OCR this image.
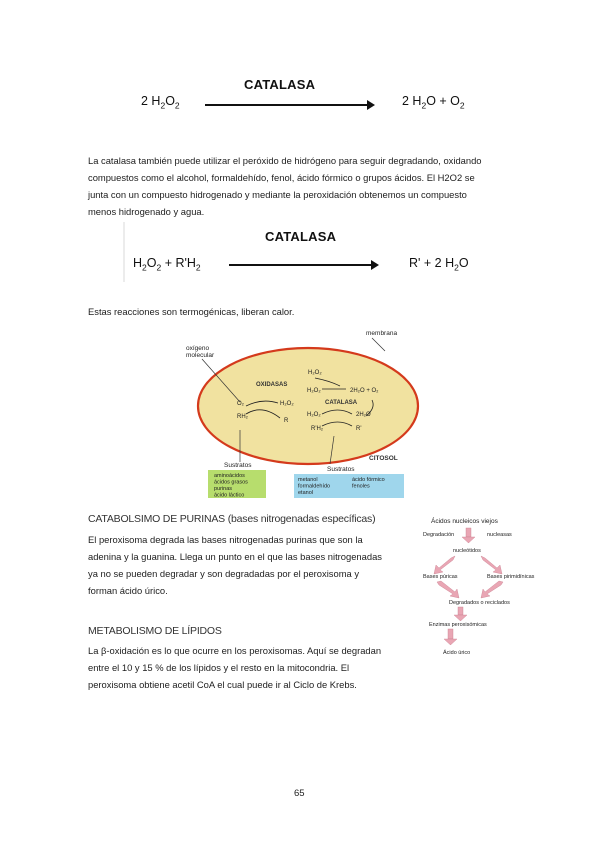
CATALASA
2 $H_2O_2$	2 $H_2O + O_2$
La catalasa también puede utilizar el peróxido de hidrógeno para seguir degradando, oxidando
compuestos como el alcohol, formaldehído, fenol, ácido fórmico o grupos ácidos. El H2O2 se
junta con un compuesto hidrogenado y mediante la peroxidación obtenemos un compuesto
menos hidrogenado y agua.
CATALASA
$H_2O_2 + R'H_2$	R' + 2 $H_2O$
Estas reacciones son termogénicas, liberan calor.
membrana
oxígeno
molecular
OXIDASAS
O₂	H₂O₂
RH₂
R
H₂O₂
H₂O₂	2H₂O + O₂
CATALASA
H₂O₂	2H₂O
R'H₂	R'
CITOSOL
Sustratos
Sustratos
aminoácidos
ácidos grasos
purinas
ácido láctico
metanol
formaldehído
etanol
ácido fórmico
fenoles
CATABOLSIMO DE PURINAS (bases nitrogenadas específicas)
El peroxisoma degrada las bases nitrogenadas purinas que son la
adenina y la guanina. Llega un punto en el que las bases nitrogenadas
ya no se pueden degradar y son degradadas por el peroxisoma y
forman ácido úrico.
Ácidos nucleicos viejos
Degradación	nucleasas
nucleótidos
Bases púricas	Bases pirimidínicas
Degradados o reciclados
Enzimas peroxisómicas
Ácido úrico
METABOLISMO DE LÍPIDOS
La β-oxidación es lo que ocurre en los peroxisomas. Aquí se degradan
entre el 10 y 15 % de los lípidos y el resto en la mitocondria. El
peroxisoma obtiene acetil CoA el cual puede ir al Ciclo de Krebs.
65
